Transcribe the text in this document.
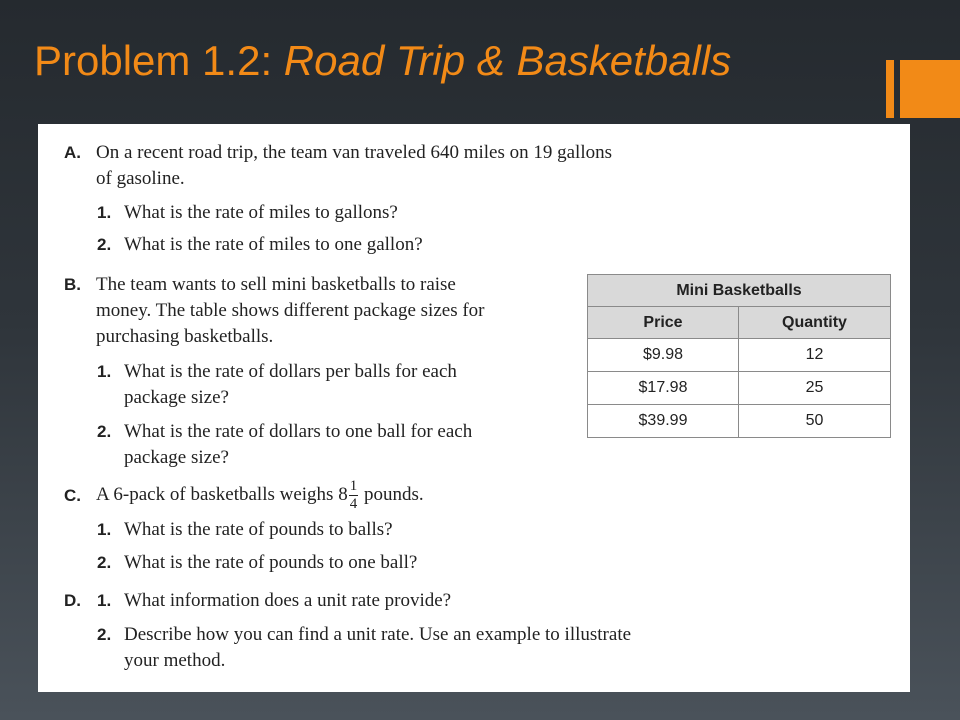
Problem 1.2: Road Trip & Basketballs
A. On a recent road trip, the team van traveled 640 miles on 19 gallons
of gasoline.
1. What is the rate of miles to gallons?
2. What is the rate of miles to one gallon?
B. The team wants to sell mini basketballs to raise
money. The table shows different package sizes for
purchasing basketballs.
1. What is the rate of dollars per balls for each
package size?
2. What is the rate of dollars to one ball for each
package size?
Mini Basketballs	
Price	Quantity
$9.98	12
$17.98	25
$39.99	50
C. A 6-pack of basketballs weighs $8 \frac{1}{4}$ pounds.
1. What is the rate of pounds to balls?
2. What is the rate of pounds to one ball?
D. 1. What information does a unit rate provide?
2. Describe how you can find a unit rate. Use an example to illustrate
your method.
